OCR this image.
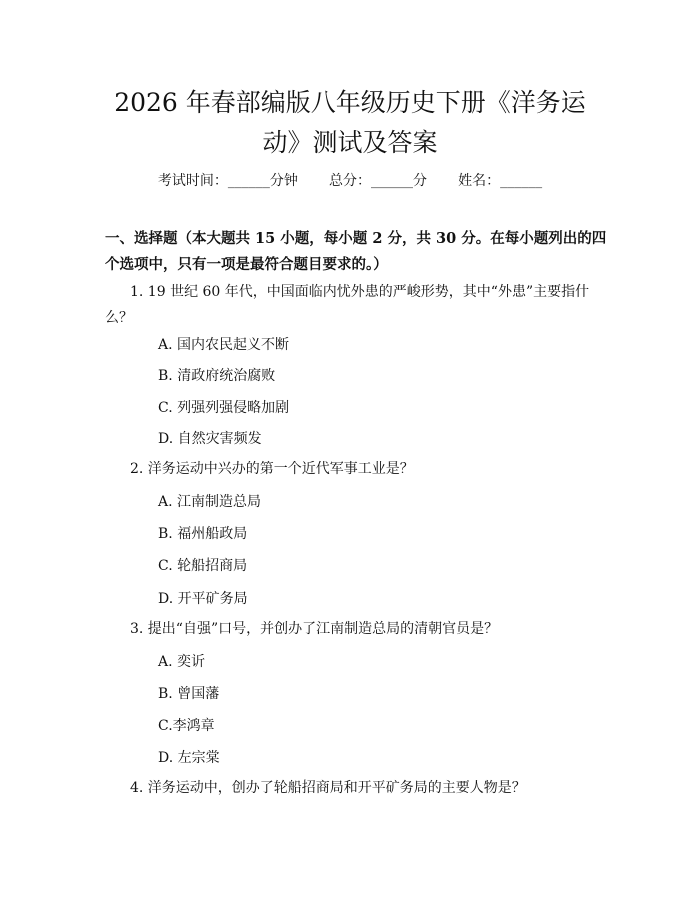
2026 年春部编版八年级历史下册《洋务运
动》测试及答案
考试时间：______分钟 总分：______分 姓名：______
一、选择题（本大题共 15 小题，每小题 2 分，共 30 分。在每小题列出的四个选项中，只有一项是最符合题目要求的。）
1. 19 世纪 60 年代，中国面临内忧外患的严峻形势，其中“外患”主要指什
么？
A. 国内农民起义不断
B. 清政府统治腐败
C. 列强列强侵略加剧
D. 自然灾害频发
2. 洋务运动中兴办的第一个近代军事工业是？
A. 江南制造总局
B. 福州船政局
C. 轮船招商局
D. 开平矿务局
3. 提出“自强”口号，并创办了江南制造总局的清朝官员是？
A. 奕䜣
B. 曾国藩
C.李鸿章
D. 左宗棠
4. 洋务运动中，创办了轮船招商局和开平矿务局的主要人物是？
